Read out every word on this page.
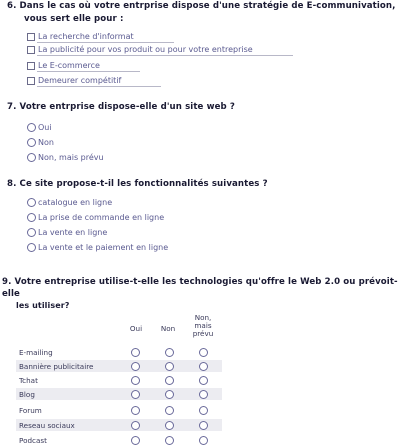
6. Dans le cas où votre entrprise dispose d'une stratégie de E-communivation,
vous sert elle pour :
La recherche d'informat
La publicité pour vos produit ou pour votre entreprise
Le E-commerce
Demeurer compétitif
7. Votre entrprise dispose-elle d'un site web ?
Oui
Non
Non, mais prévu
8. Ce site propose-t-il les fonctionnalités suivantes ?
catalogue en ligne
La prise de commande en ligne
La vente en ligne
La vente et le paiement en ligne
9. Votre entreprise utilise-t-elle les technologies qu'offre le Web 2.0 ou prévoit-elle
les utiliser?
Oui	Non
Non, mais prévu
E-mailing
Bannière publicitaire
Tchat
Blog
Forum
Reseau sociaux
Podcast
